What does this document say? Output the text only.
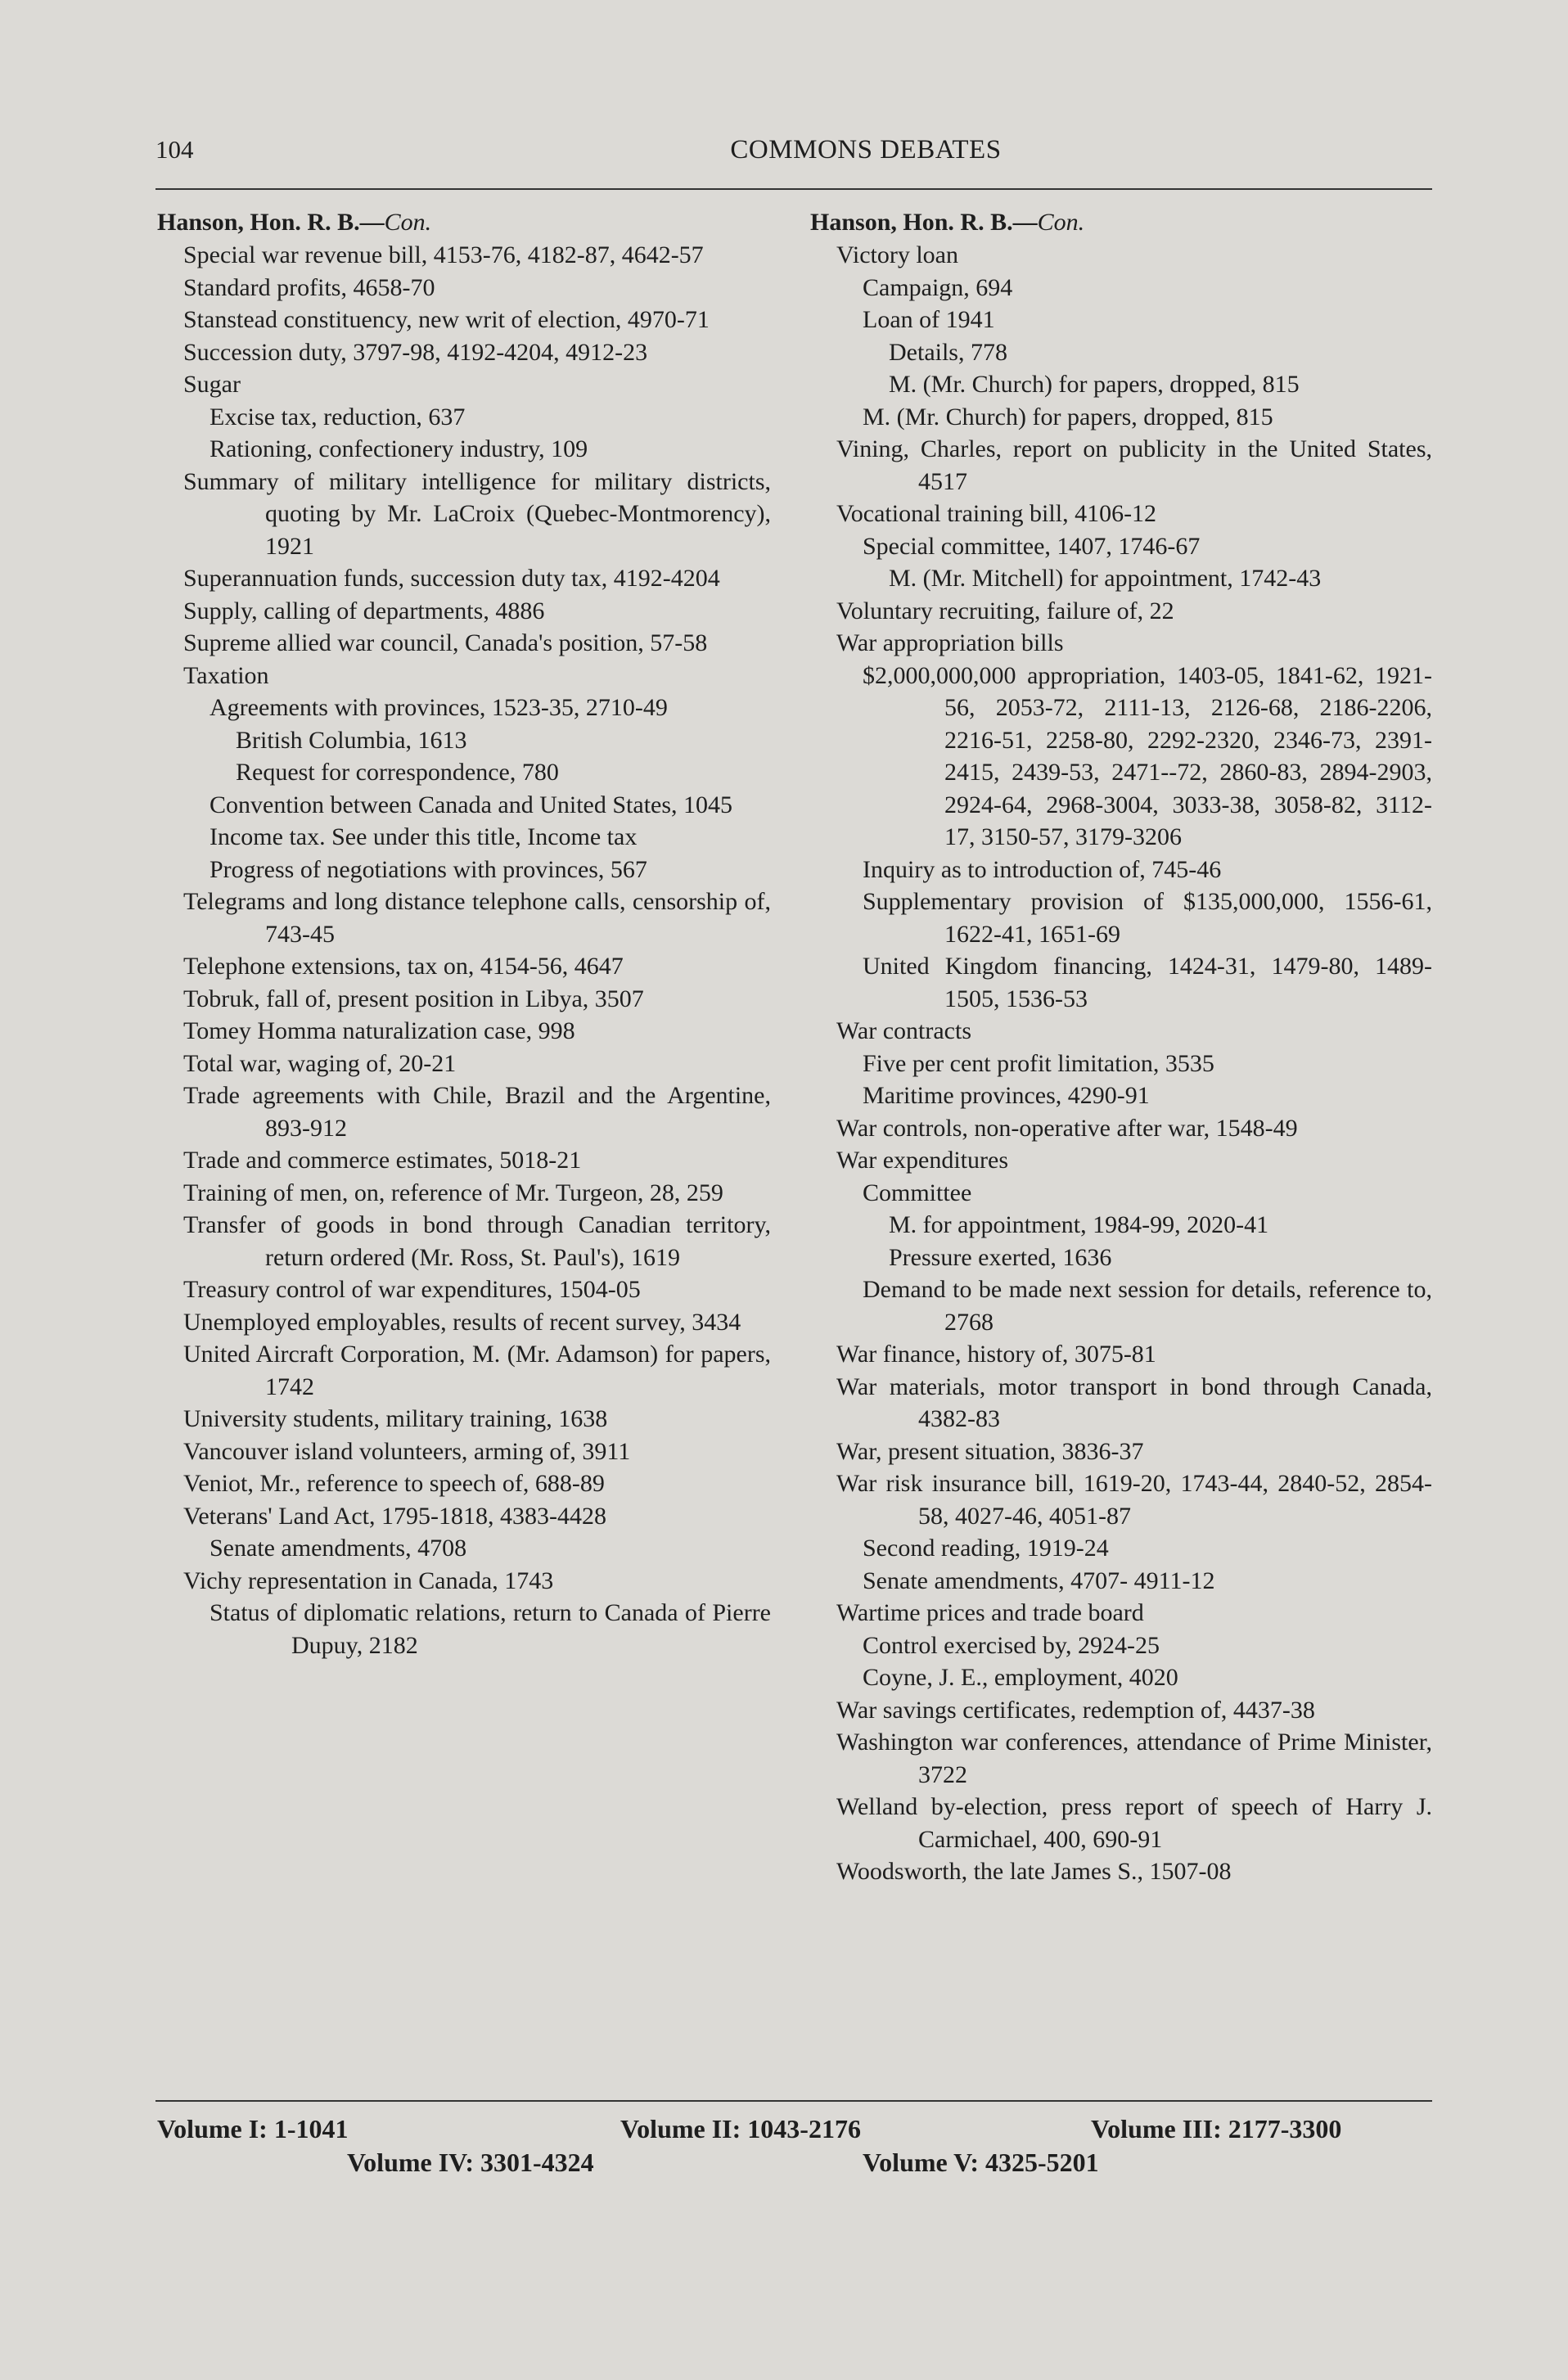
104	COMMONS DEBATES
Hanson, Hon. R. B.—Con.
Special war revenue bill, 4153-76, 4182-87, 4642-57
Standard profits, 4658-70
Stanstead constituency, new writ of election, 4970-71
Succession duty, 3797-98, 4192-4204, 4912-23
Sugar
Excise tax, reduction, 637
Rationing, confectionery industry, 109
Summary of military intelligence for military districts, quoting by Mr. LaCroix (Quebec-Montmorency), 1921
Superannuation funds, succession duty tax, 4192-4204
Supply, calling of departments, 4886
Supreme allied war council, Canada's position, 57-58
Taxation
Agreements with provinces, 1523-35, 2710-49
British Columbia, 1613
Request for correspondence, 780
Convention between Canada and United States, 1045
Income tax. See under this title, Income tax
Progress of negotiations with provinces, 567
Telegrams and long distance telephone calls, censorship of, 743-45
Telephone extensions, tax on, 4154-56, 4647
Tobruk, fall of, present position in Libya, 3507
Tomey Homma naturalization case, 998
Total war, waging of, 20-21
Trade agreements with Chile, Brazil and the Argentine, 893-912
Trade and commerce estimates, 5018-21
Training of men, on, reference of Mr. Turgeon, 28, 259
Transfer of goods in bond through Canadian territory, return ordered (Mr. Ross, St. Paul's), 1619
Treasury control of war expenditures, 1504-05
Unemployed employables, results of recent survey, 3434
United Aircraft Corporation, M. (Mr. Adamson) for papers, 1742
University students, military training, 1638
Vancouver island volunteers, arming of, 3911
Veniot, Mr., reference to speech of, 688-89
Veterans' Land Act, 1795-1818, 4383-4428
Senate amendments, 4708
Vichy representation in Canada, 1743
Status of diplomatic relations, return to Canada of Pierre Dupuy, 2182
Hanson, Hon. R. B.—Con.
Victory loan
Campaign, 694
Loan of 1941
Details, 778
M. (Mr. Church) for papers, dropped, 815
M. (Mr. Church) for papers, dropped, 815
Vining, Charles, report on publicity in the United States, 4517
Vocational training bill, 4106-12
Special committee, 1407, 1746-67
M. (Mr. Mitchell) for appointment, 1742-43
Voluntary recruiting, failure of, 22
War appropriation bills
$2,000,000,000 appropriation, 1403-05, 1841-62, 1921-56, 2053-72, 2111-13, 2126-68, 2186-2206, 2216-51, 2258-80, 2292-2320, 2346-73, 2391-2415, 2439-53, 2471--72, 2860-83, 2894-2903, 2924-64, 2968-3004, 3033-38, 3058-82, 3112-17, 3150-57, 3179-3206
Inquiry as to introduction of, 745-46
Supplementary provision of $135,000,000, 1556-61, 1622-41, 1651-69
United Kingdom financing, 1424-31, 1479-80, 1489-1505, 1536-53
War contracts
Five per cent profit limitation, 3535
Maritime provinces, 4290-91
War controls, non-operative after war, 1548-49
War expenditures
Committee
M. for appointment, 1984-99, 2020-41
Pressure exerted, 1636
Demand to be made next session for details, reference to, 2768
War finance, history of, 3075-81
War materials, motor transport in bond through Canada, 4382-83
War, present situation, 3836-37
War risk insurance bill, 1619-20, 1743-44, 2840-52, 2854-58, 4027-46, 4051-87
Second reading, 1919-24
Senate amendments, 4707- 4911-12
Wartime prices and trade board
Control exercised by, 2924-25
Coyne, J. E., employment, 4020
War savings certificates, redemption of, 4437-38
Washington war conferences, attendance of Prime Minister, 3722
Welland by-election, press report of speech of Harry J. Carmichael, 400, 690-91
Woodsworth, the late James S., 1507-08
Volume I: 1-1041	Volume II: 1043-2176	Volume III: 2177-3300
Volume IV: 3301-4324	Volume V: 4325-5201
